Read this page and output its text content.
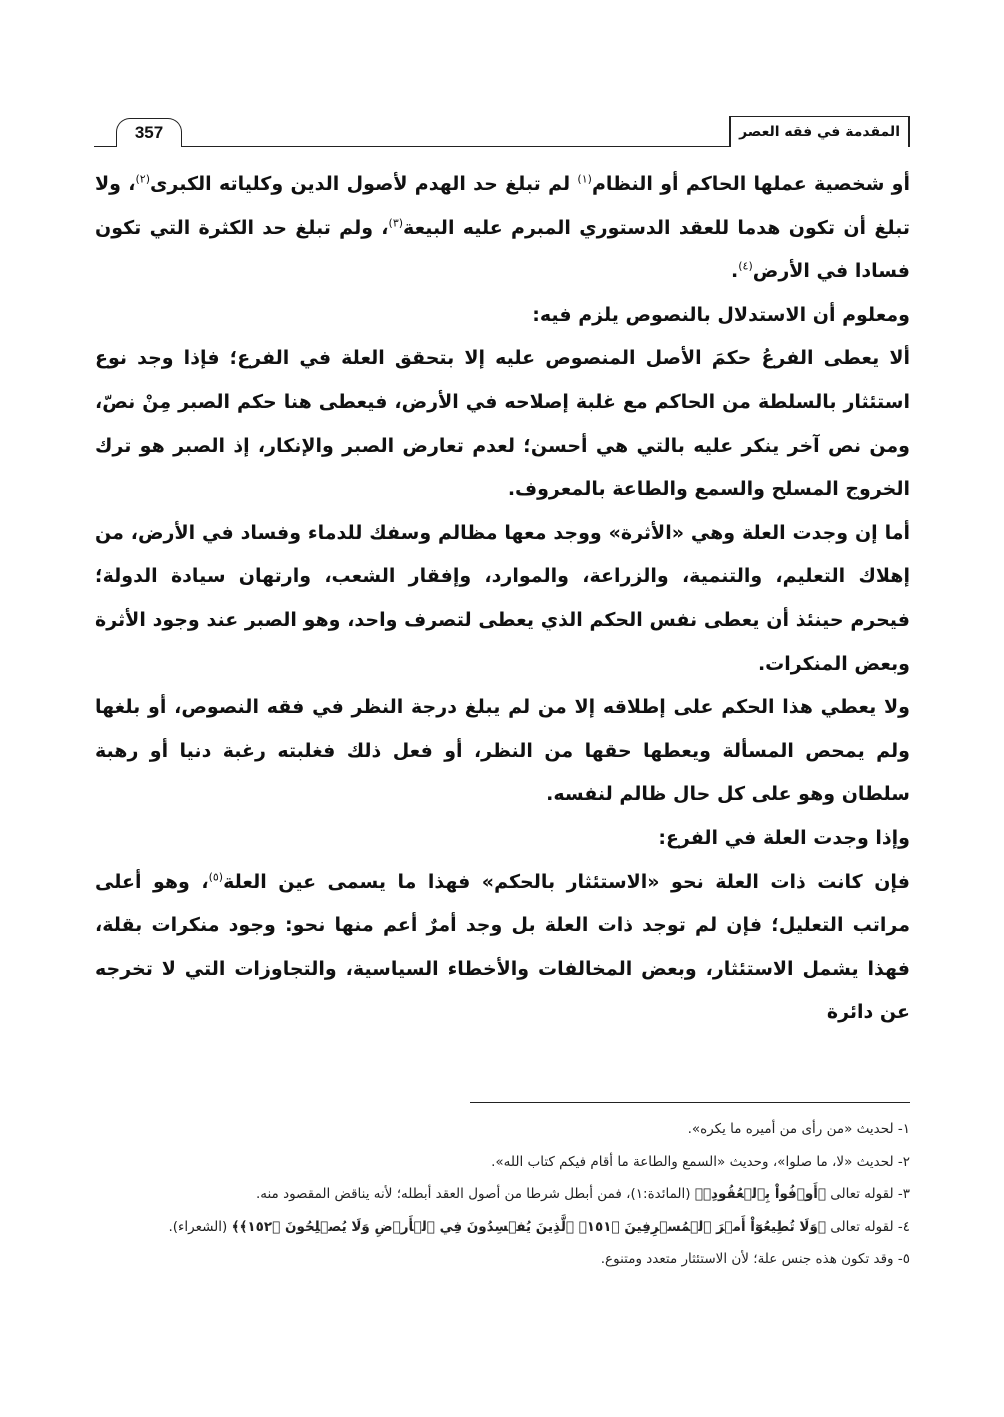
357	المقدمة في فقه العصر

أو شخصية عملها الحاكم أو النظام$^{(١)}$ لم تبلغ حد الهدم لأصول الدين وكلياته الكبرى$^{(٢)}$، ولا تبلغ أن تكون هدما للعقد الدستوري المبرم عليه البيعة$^{(٣)}$، ولم تبلغ حد الكثرة التي تكون فسادا في الأرض$^{(٤)}$.

ومعلوم أن الاستدلال بالنصوص يلزم فيه:

ألا يعطى الفرعُ حكمَ الأصل المنصوص عليه إلا بتحقق العلة في الفرع؛ فإذا وجد نوع استئثار بالسلطة من الحاكم مع غلبة إصلاحه في الأرض، فيعطى هنا حكم الصبر مِنْ نصّ، ومن نص آخر ينكر عليه بالتي هي أحسن؛ لعدم تعارض الصبر والإنكار، إذ الصبر هو ترك الخروج المسلح والسمع والطاعة بالمعروف.

أما إن وجدت العلة وهي «الأثرة» ووجد معها مظالم وسفك للدماء وفساد في الأرض، من إهلاك التعليم، والتنمية، والزراعة، والموارد، وإفقار الشعب، وارتهان سيادة الدولة؛ فيحرم حينئذ أن يعطى نفس الحكم الذي يعطى لتصرف واحد، وهو الصبر عند وجود الأثرة وبعض المنكرات.

ولا يعطي هذا الحكم على إطلاقه إلا من لم يبلغ درجة النظر في فقه النصوص، أو بلغها ولم يمحص المسألة ويعطها حقها من النظر، أو فعل ذلك فغلبته رغبة دنيا أو رهبة سلطان وهو على كل حال ظالم لنفسه.

وإذا وجدت العلة في الفرع:

فإن كانت ذات العلة نحو «الاستئثار بالحكم» فهذا ما يسمى عين العلة$^{(٥)}$، وهو أعلى مراتب التعليل؛ فإن لم توجد ذات العلة بل وجد أمرٌ أعم منها نحو: وجود منكرات بقلة، فهذا يشمل الاستئثار، وبعض المخالفات والأخطاء السياسية، والتجاوزات التي لا تخرجه عن دائرة

١- لحديث «من رأى من أميره ما يكره».
٢- لحديث «لا، ما صلوا»، وحديث «السمع والطاعة ما أقام فيكم كتاب الله».
٣- لقوله تعالى ﴿أَوۡفُواْ بِٱلۡعُقُودِۚ﴾ (المائدة:١)، فمن أبطل شرطا من أصول العقد أبطله؛ لأنه يناقض المقصود منه.
٤- لقوله تعالى ﴿وَلَا تُطِيعُوٓاْ أَمۡرَ ٱلۡمُسۡرِفِينَ ﴿١٥١﴾ ٱلَّذِينَ يُفۡسِدُونَ فِي ٱلۡأَرۡضِ وَلَا يُصۡلِحُونَ ﴿١٥٢﴾﴾ (الشعراء).
٥- وقد تكون هذه جنس علة؛ لأن الاستئثار متعدد ومتنوع.
